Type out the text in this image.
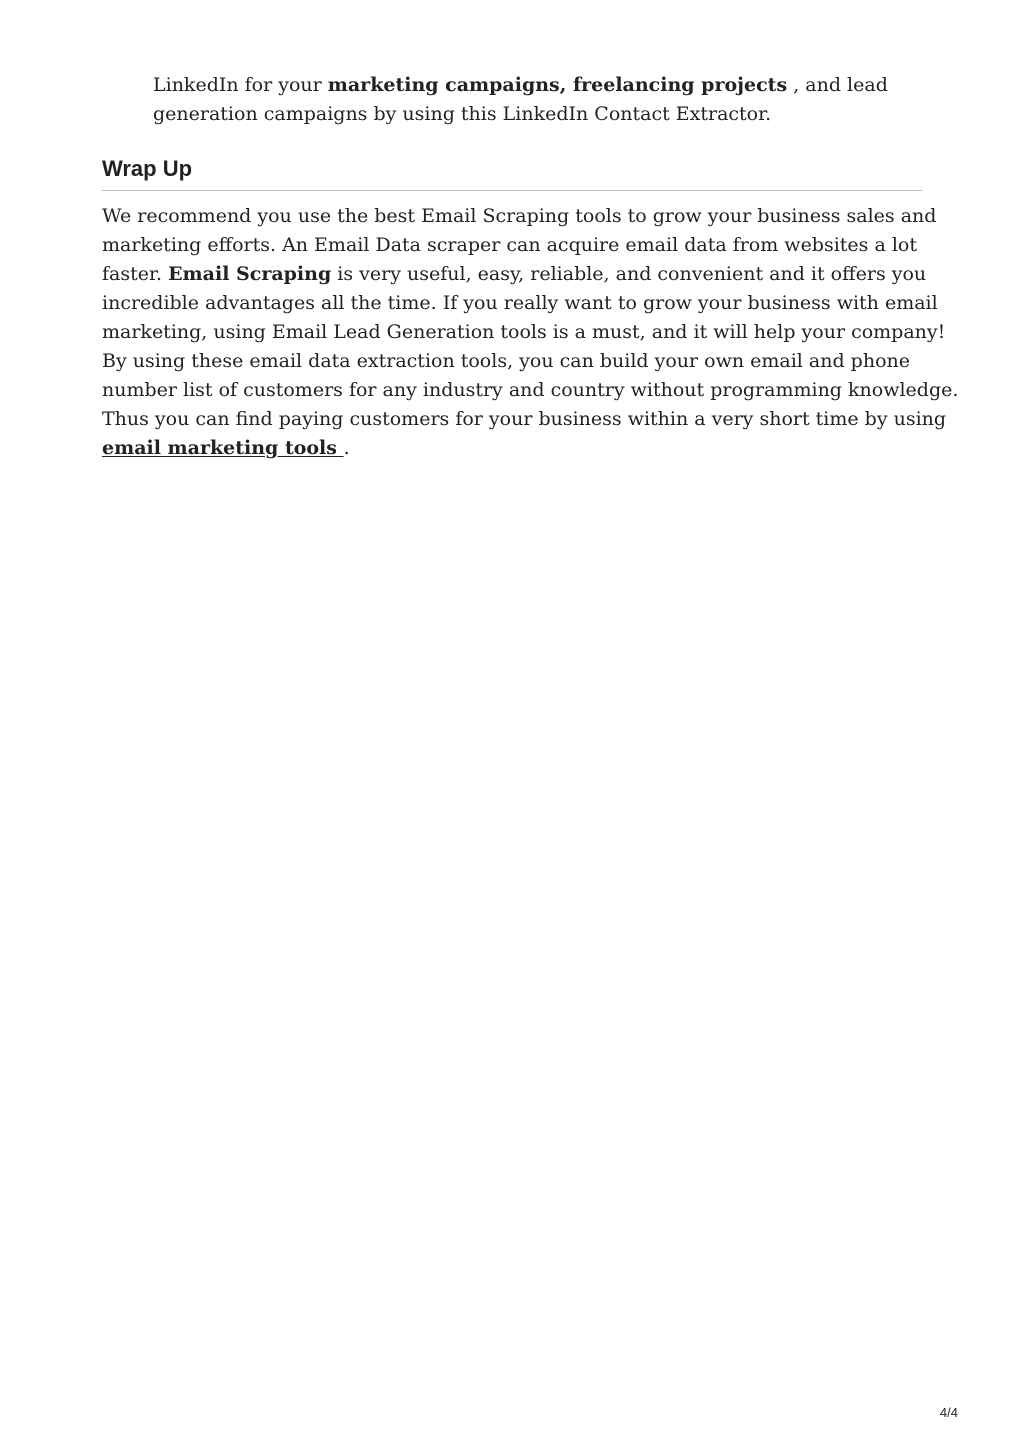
LinkedIn for your marketing campaigns, freelancing projects , and lead
generation campaigns by using this LinkedIn Contact Extractor.

Wrap Up

We recommend you use the best Email Scraping tools to grow your business sales and
marketing efforts. An Email Data scraper can acquire email data from websites a lot
faster. Email Scraping is very useful, easy, reliable, and convenient and it offers you
incredible advantages all the time. If you really want to grow your business with email
marketing, using Email Lead Generation tools is a must, and it will help your company!
By using these email data extraction tools, you can build your own email and phone
number list of customers for any industry and country without programming knowledge.
Thus you can find paying customers for your business within a very short time by using
email marketing tools .

4/4
